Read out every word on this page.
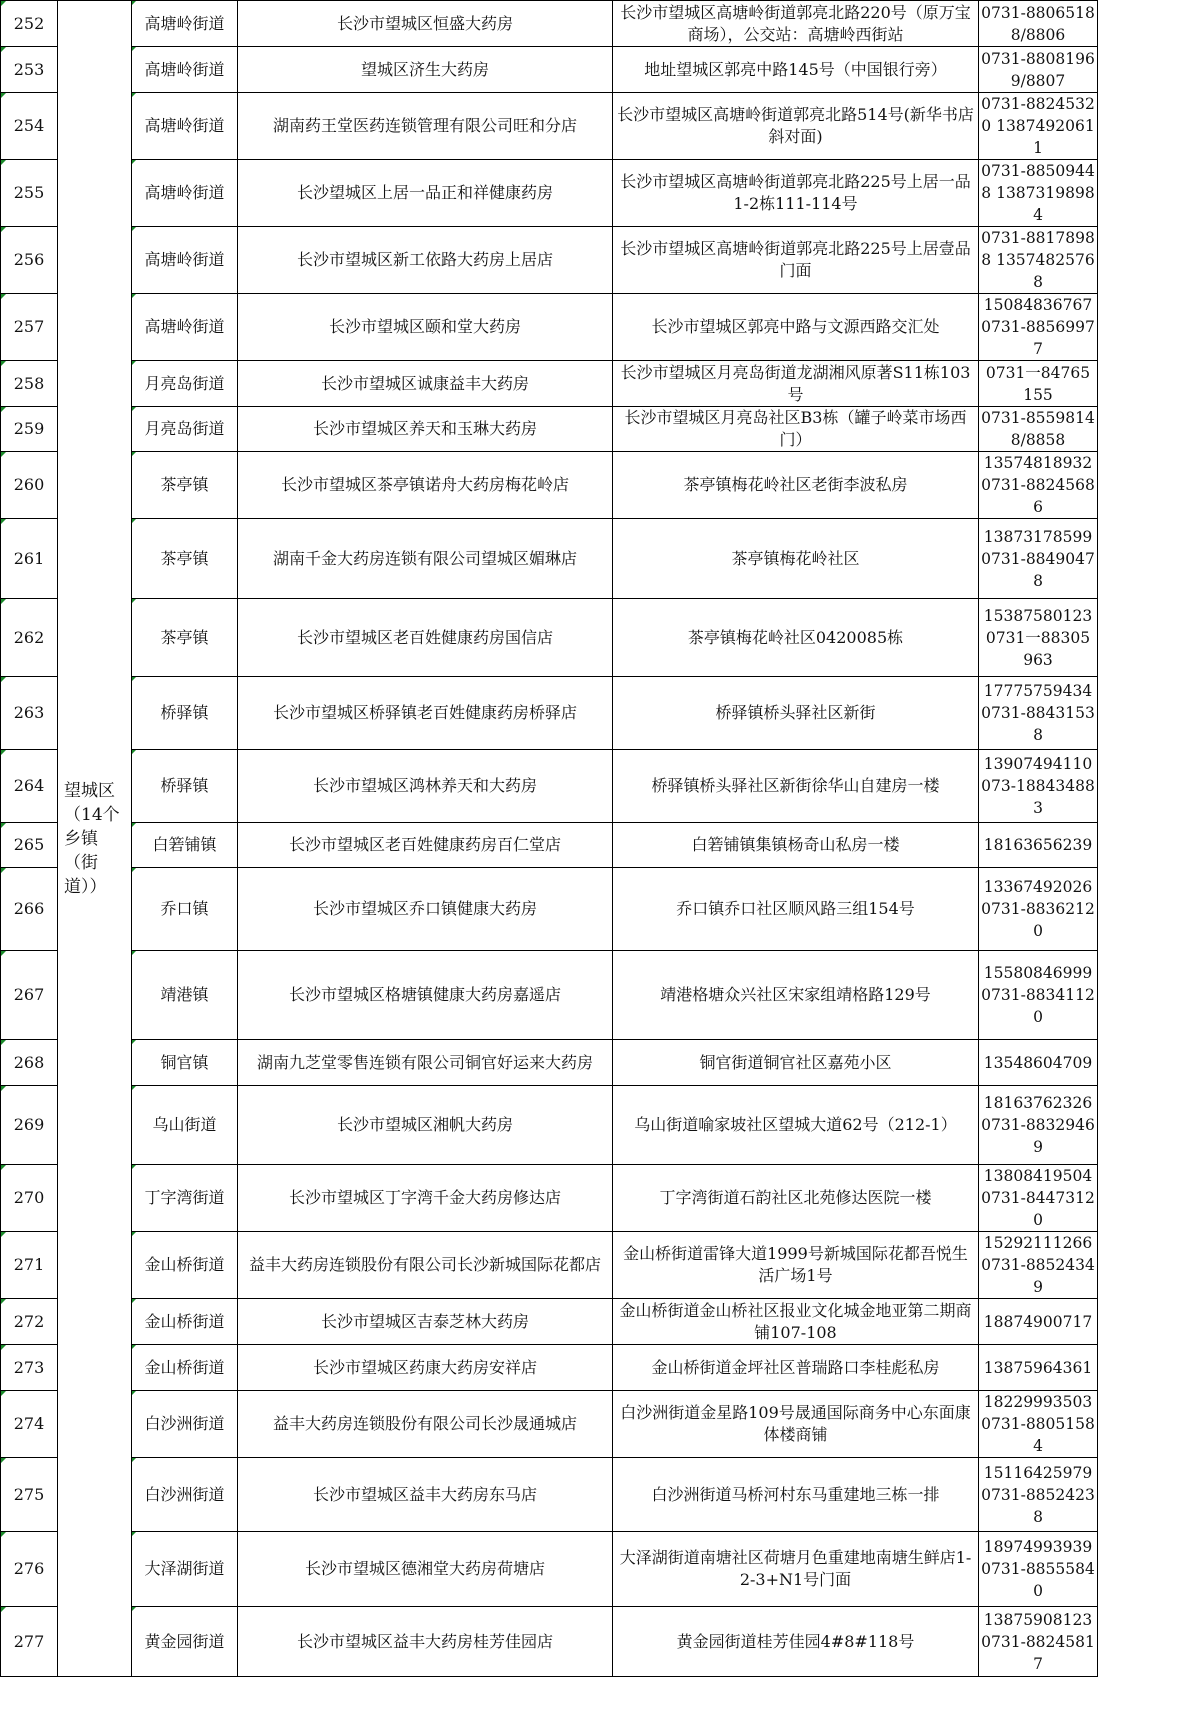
252	望城区（14个乡镇（街道））	高塘岭街道	长沙市望城区恒盛大药房	长沙市望城区高塘岭街道郭亮北路220号（原万宝商场），公交站：高塘岭西街站	0731-88065188/8806
253		高塘岭街道	望城区济生大药房	地址望城区郭亮中路145号（中国银行旁）	0731-88081969/8807
254		高塘岭街道	湖南药王堂医药连锁管理有限公司旺和分店	长沙市望城区高塘岭街道郭亮北路514号(新华书店斜对面)	0731-88245320 13874920611
255		高塘岭街道	长沙望城区上居一品正和祥健康药房	长沙市望城区高塘岭街道郭亮北路225号上居一品1-2栋111-114号	0731-88509448 13873198984
256		高塘岭街道	长沙市望城区新工依路大药房上居店	长沙市望城区高塘岭街道郭亮北路225号上居壹品门面	0731-88178988 13574825768
257		高塘岭街道	长沙市望城区颐和堂大药房	长沙市望城区郭亮中路与文源西路交汇处	15084836767 0731-88569977
258		月亮岛街道	长沙市望城区诚康益丰大药房	长沙市望城区月亮岛街道龙湖湘风原著S11栋103号	0731一84765155
259		月亮岛街道	长沙市望城区养天和玉琳大药房	长沙市望城区月亮岛社区B3栋（罐子岭菜市场西门）	0731-85598148/8858
260		茶亭镇	长沙市望城区茶亭镇诺舟大药房梅花岭店	茶亭镇梅花岭社区老街李波私房	13574818932 0731-88245686
261		茶亭镇	湖南千金大药房连锁有限公司望城区媚琳店	茶亭镇梅花岭社区	13873178599 0731-88490478
262		茶亭镇	长沙市望城区老百姓健康药房国信店	茶亭镇梅花岭社区0420085栋	15387580123 0731一88305963
263		桥驿镇	长沙市望城区桥驿镇老百姓健康药房桥驿店	桥驿镇桥头驿社区新街	17775759434 0731-88431538
264		桥驿镇	长沙市望城区鸿林养天和大药房	桥驿镇桥头驿社区新街徐华山自建房一楼	13907494110 073-188434883
265		白箬铺镇	长沙市望城区老百姓健康药房百仁堂店	白箬铺镇集镇杨奇山私房一楼	18163656239
266		乔口镇	长沙市望城区乔口镇健康大药房	乔口镇乔口社区顺风路三组154号	13367492026 0731-88362120
267		靖港镇	长沙市望城区格塘镇健康大药房嘉遥店	靖港格塘众兴社区宋家组靖格路129号	15580846999 0731-88341120
268		铜官镇	湖南九芝堂零售连锁有限公司铜官好运来大药房	铜官街道铜官社区嘉苑小区	13548604709
269		乌山街道	长沙市望城区湘帆大药房	乌山街道喻家坡社区望城大道62号（212-1）	18163762326 0731-88329469
270		丁字湾街道	长沙市望城区丁字湾千金大药房修达店	丁字湾街道石韵社区北苑修达医院一楼	13808419504 0731-84473120
271		金山桥街道	益丰大药房连锁股份有限公司长沙新城国际花都店	金山桥街道雷锋大道1999号新城国际花都吾悦生活广场1号	15292111266 0731-88524349
272		金山桥街道	长沙市望城区吉泰芝林大药房	金山桥街道金山桥社区报业文化城金地亚第二期商铺107-108	18874900717
273		金山桥街道	长沙市望城区药康大药房安祥店	金山桥街道金坪社区普瑞路口李桂彪私房	13875964361
274		白沙洲街道	益丰大药房连锁股份有限公司长沙晟通城店	白沙洲街道金星路109号晟通国际商务中心东面康体楼商铺	18229993503 0731-88051584
275		白沙洲街道	长沙市望城区益丰大药房东马店	白沙洲街道马桥河村东马重建地三栋一排	15116425979 0731-88524238
276		大泽湖街道	长沙市望城区德湘堂大药房荷塘店	大泽湖街道南塘社区荷塘月色重建地南塘生鲜店1-2-3+N1号门面	18974993939 0731-88555840
277		黄金园街道	长沙市望城区益丰大药房桂芳佳园店	黄金园街道桂芳佳园4#8#118号	13875908123 0731-88245817
